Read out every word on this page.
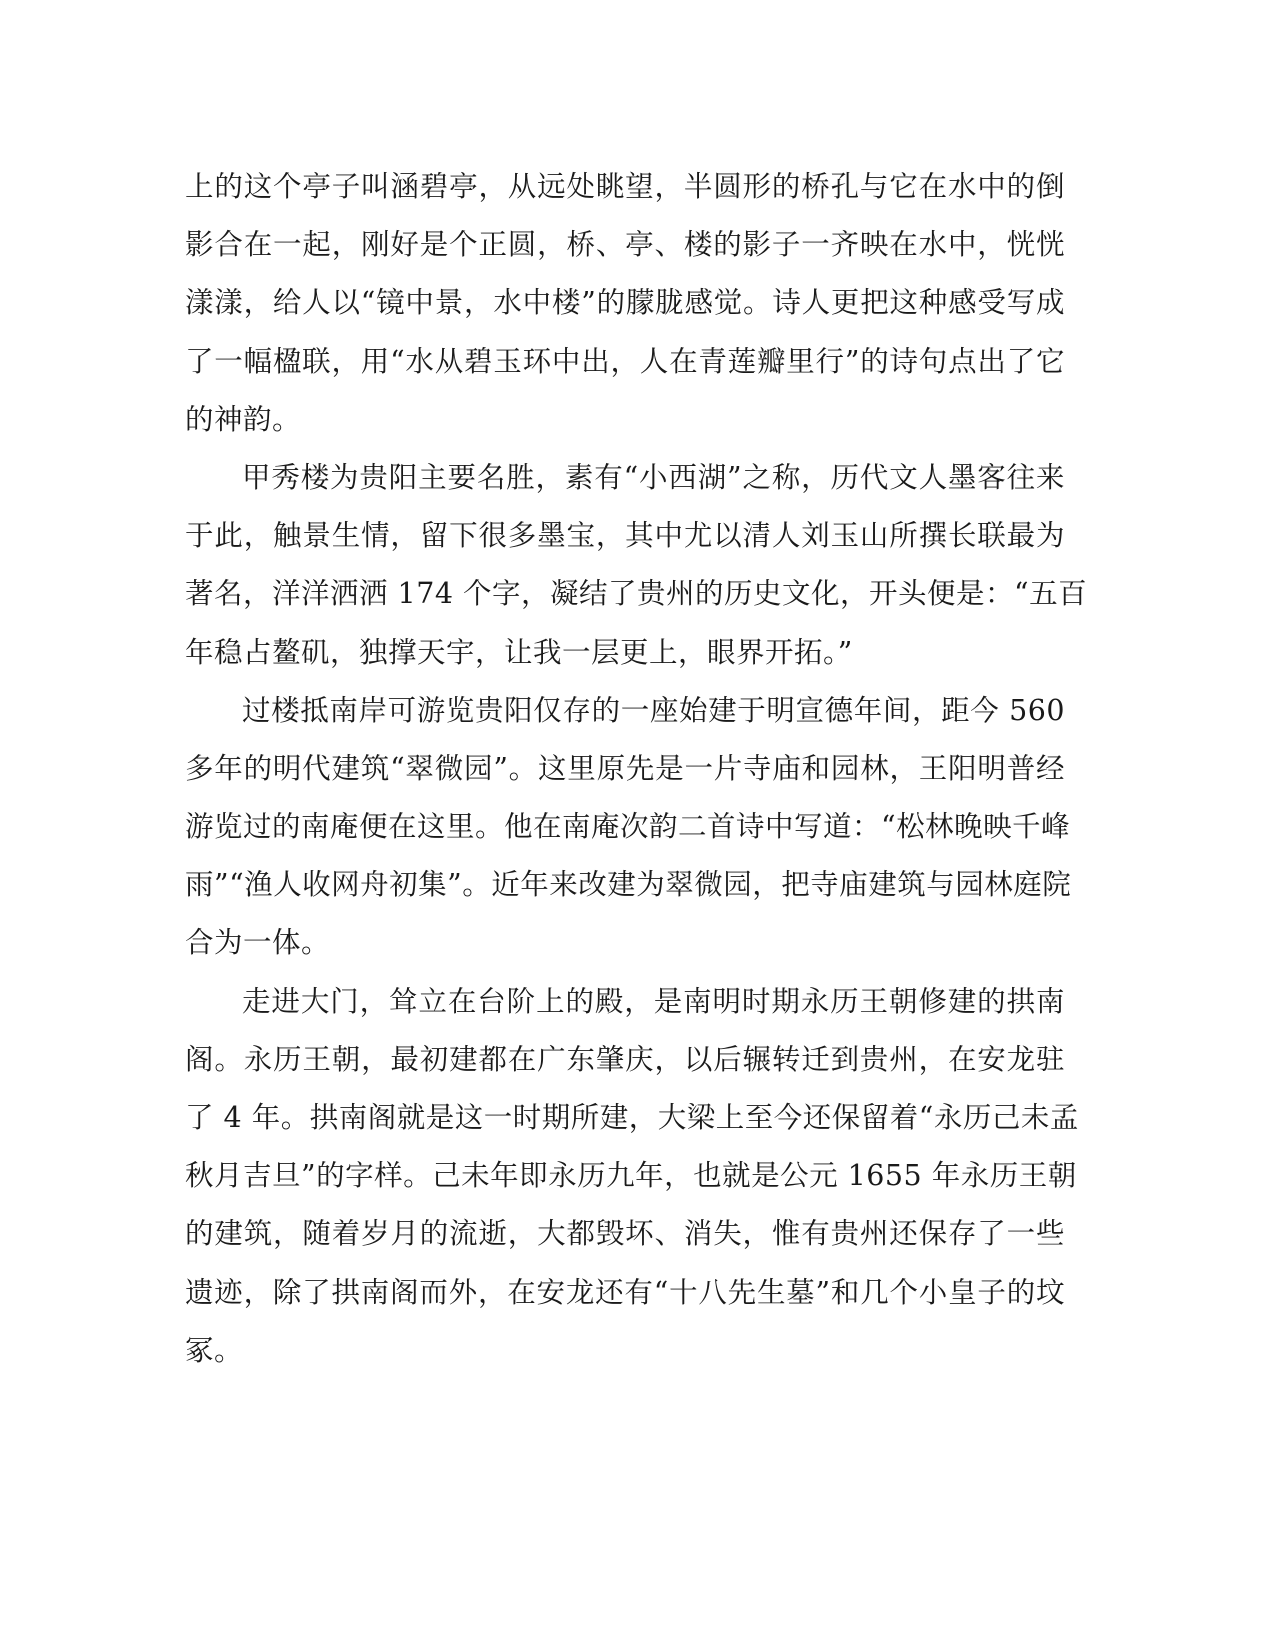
上的这个亭子叫涵碧亭，从远处眺望，半圆形的桥孔与它在水中的倒
影合在一起，刚好是个正圆，桥、亭、楼的影子一齐映在水中，恍恍
漾漾，给人以“镜中景，水中楼”的朦胧感觉。诗人更把这种感受写成
了一幅楹联，用“水从碧玉环中出，人在青莲瓣里行”的诗句点出了它
的神韵。
甲秀楼为贵阳主要名胜，素有“小西湖”之称，历代文人墨客往来
于此，触景生情，留下很多墨宝，其中尤以清人刘玉山所撰长联最为
著名，洋洋洒洒 174 个字，凝结了贵州的历史文化，开头便是：“五百
年稳占鳌矶，独撑天宇，让我一层更上，眼界开拓。”
过楼抵南岸可游览贵阳仅存的一座始建于明宣德年间，距今 560
多年的明代建筑“翠微园”。这里原先是一片寺庙和园林，王阳明普经
游览过的南庵便在这里。他在南庵次韵二首诗中写道：“松林晚映千峰
雨”“渔人收网舟初集”。近年来改建为翠微园，把寺庙建筑与园林庭院
合为一体。
走进大门，耸立在台阶上的殿，是南明时期永历王朝修建的拱南
阁。永历王朝，最初建都在广东肇庆，以后辗转迁到贵州，在安龙驻
了 4 年。拱南阁就是这一时期所建，大梁上至今还保留着“永历己未孟
秋月吉旦”的字样。己未年即永历九年，也就是公元 1655 年永历王朝
的建筑，随着岁月的流逝，大都毁坏、消失，惟有贵州还保存了一些
遗迹，除了拱南阁而外，在安龙还有“十八先生墓”和几个小皇子的坟
冢。
